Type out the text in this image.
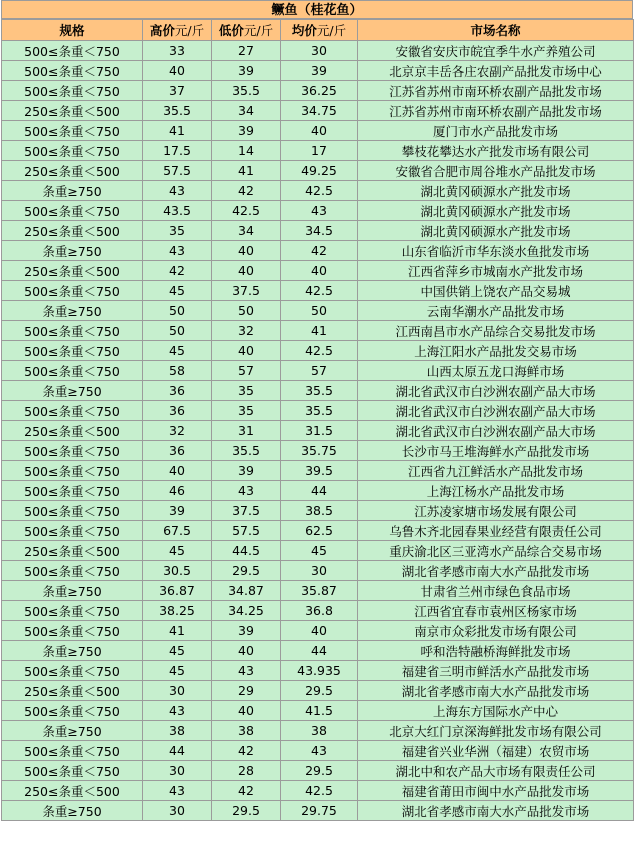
鳜鱼（桂花鱼）
规格	高价元/斤	低价元/斤	均价元/斤	市场名称
500≤条重＜750	33	27	30	安徽省安庆市皖宜季牛水产养殖公司
500≤条重＜750	40	39	39	北京京丰岳各庄农副产品批发市场中心
500≤条重＜750	37	35.5	36.25	江苏省苏州市南环桥农副产品批发市场
250≤条重＜500	35.5	34	34.75	江苏省苏州市南环桥农副产品批发市场
500≤条重＜750	41	39	40	厦门市水产品批发市场
500≤条重＜750	17.5	14	17	攀枝花攀达水产批发市场有限公司
250≤条重＜500	57.5	41	49.25	安徽省合肥市周谷堆水产品批发市场
条重≥750	43	42	42.5	湖北黄冈硕源水产批发市场
500≤条重＜750	43.5	42.5	43	湖北黄冈硕源水产批发市场
250≤条重＜500	35	34	34.5	湖北黄冈硕源水产批发市场
条重≥750	43	40	42	山东省临沂市华东淡水鱼批发市场
250≤条重＜500	42	40	40	江西省萍乡市城南水产批发市场
500≤条重＜750	45	37.5	42.5	中国供销上饶农产品交易城
条重≥750	50	50	50	云南华潮水产品批发市场
500≤条重＜750	50	32	41	江西南昌市水产品综合交易批发市场
500≤条重＜750	45	40	42.5	上海江阳水产品批发交易市场
500≤条重＜750	58	57	57	山西太原五龙口海鲜市场
条重≥750	36	35	35.5	湖北省武汉市白沙洲农副产品大市场
500≤条重＜750	36	35	35.5	湖北省武汉市白沙洲农副产品大市场
250≤条重＜500	32	31	31.5	湖北省武汉市白沙洲农副产品大市场
500≤条重＜750	36	35.5	35.75	长沙市马王堆海鲜水产品批发市场
500≤条重＜750	40	39	39.5	江西省九江鲜活水产品批发市场
500≤条重＜750	46	43	44	上海江杨水产品批发市场
500≤条重＜750	39	37.5	38.5	江苏凌家塘市场发展有限公司
500≤条重＜750	67.5	57.5	62.5	乌鲁木齐北园春果业经营有限责任公司
250≤条重＜500	45	44.5	45	重庆渝北区三亚湾水产品综合交易市场
500≤条重＜750	30.5	29.5	30	湖北省孝感市南大水产品批发市场
条重≥750	36.87	34.87	35.87	甘肃省兰州市绿色食品市场
500≤条重＜750	38.25	34.25	36.8	江西省宜春市袁州区杨家市场
500≤条重＜750	41	39	40	南京市众彩批发市场有限公司
条重≥750	45	40	44	呼和浩特融桥海鲜批发市场
500≤条重＜750	45	43	43.935	福建省三明市鲜活水产品批发市场
250≤条重＜500	30	29	29.5	湖北省孝感市南大水产品批发市场
500≤条重＜750	43	40	41.5	上海东方国际水产中心
条重≥750	38	38	38	北京大红门京深海鲜批发市场有限公司
500≤条重＜750	44	42	43	福建省兴业华洲（福建）农贸市场
500≤条重＜750	30	28	29.5	湖北中和农产品大市场有限责任公司
250≤条重＜500	43	42	42.5	福建省莆田市闽中水产品批发市场
条重≥750	30	29.5	29.75	湖北省孝感市南大水产品批发市场
